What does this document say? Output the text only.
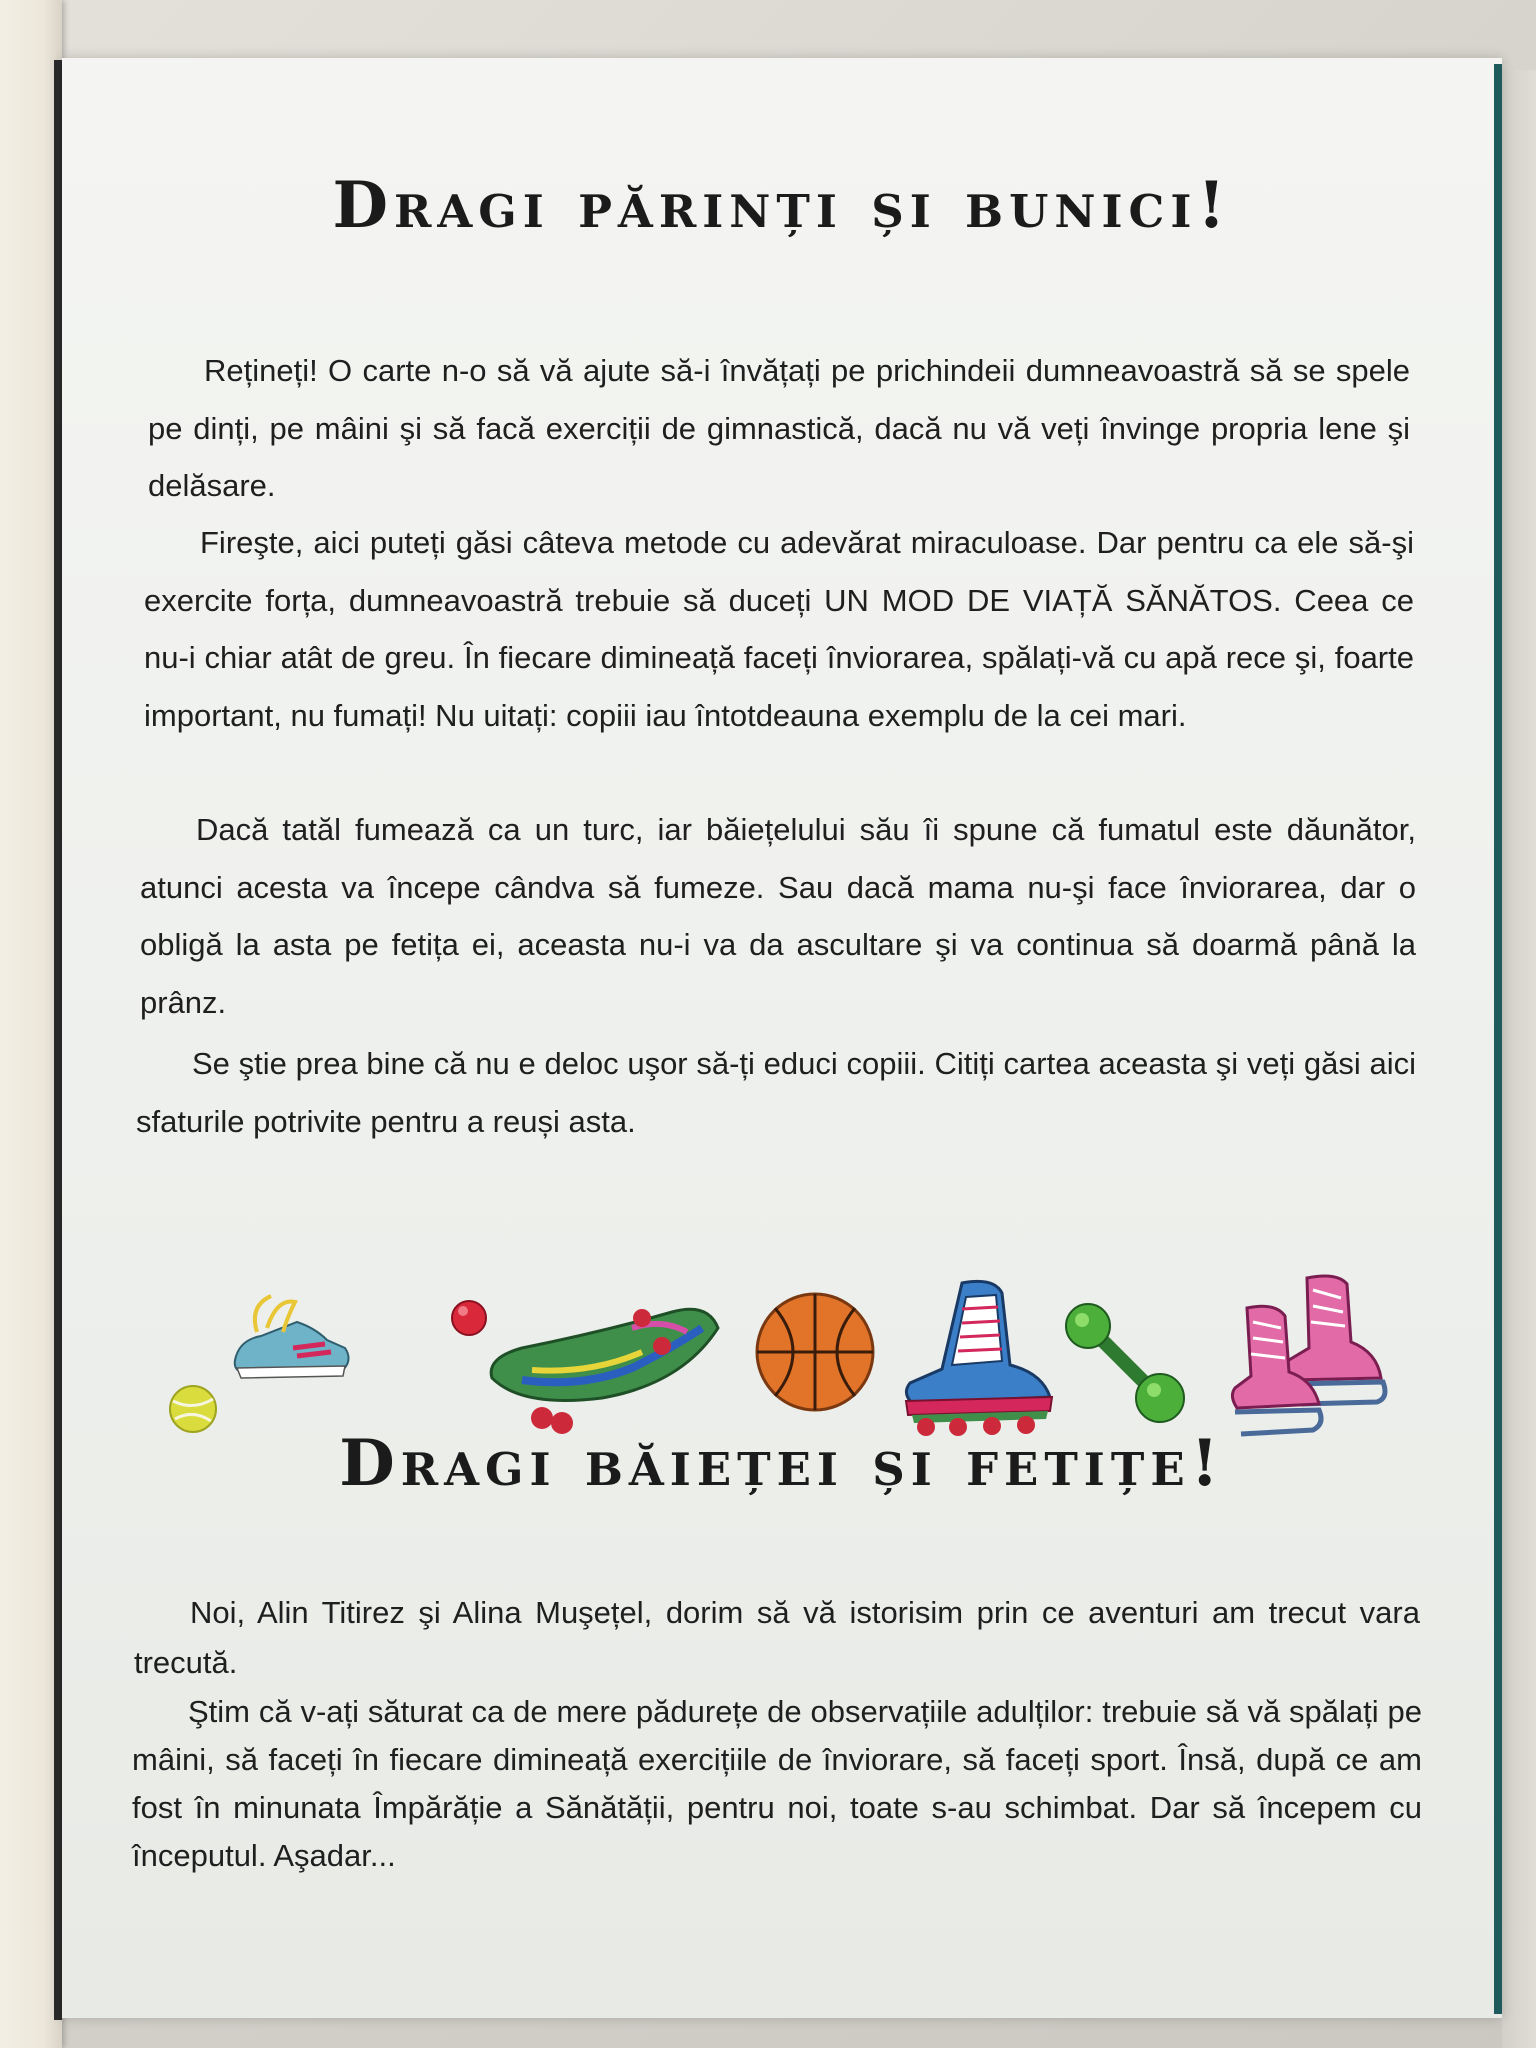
Dragi părinți și bunici!

Rețineți! O carte n-o să vă ajute să-i învățați pe prichindeii dumneavoastră să se spele pe dinți, pe mâini şi să facă exerciții de gimnastică, dacă nu vă veți învinge propria lene şi delăsare.

Fireşte, aici puteți găsi câteva metode cu adevărat miraculoase. Dar pentru ca ele să-şi exercite forța, dumneavoastră trebuie să duceți UN MOD DE VIAȚĂ SĂNĂTOS. Ceea ce nu-i chiar atât de greu. În fiecare dimineață faceți înviorarea, spălați-vă cu apă rece şi, foarte important, nu fumați! Nu uitați: copiii iau întotdeauna exemplu de la cei mari.

Dacă tatăl fumează ca un turc, iar băiețelului său îi spune că fumatul este dăunător, atunci acesta va începe cândva să fumeze. Sau dacă mama nu-şi face înviorarea, dar o obligă la asta pe fetița ei, aceasta nu-i va da ascultare şi va continua să doarmă până la prânz.

Se ştie prea bine că nu e deloc uşor să-ți educi copiii. Citiți cartea aceasta şi veți găsi aici sfaturile potrivite pentru a reuși asta.

Dragi băieței și fetițe!

Noi, Alin Titirez şi Alina Muşețel, dorim să vă istorisim prin ce aventuri am trecut vara trecută.

Ştim că v-ați săturat ca de mere pădurețe de observațiile adulților: trebuie să vă spălați pe mâini, să faceți în fiecare dimineață exercițiile de înviorare, să faceți sport. Însă, după ce am fost în minunata Împărăție a Sănătății, pentru noi, toate s-au schimbat. Dar să începem cu începutul. Aşadar...
